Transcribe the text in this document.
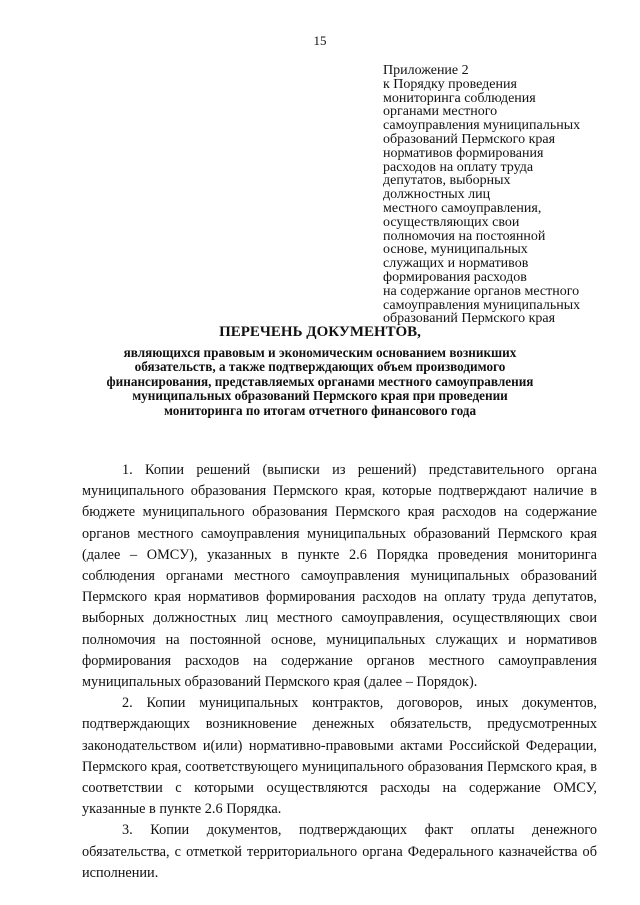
15
Приложение 2
к Порядку проведения
мониторинга соблюдения
органами местного
самоуправления муниципальных
образований Пермского края
нормативов формирования
расходов на оплату труда
депутатов, выборных
должностных лиц
местного самоуправления,
осуществляющих свои
полномочия на постоянной
основе, муниципальных
служащих и нормативов
формирования расходов
на содержание органов местного
самоуправления муниципальных
образований Пермского края
ПЕРЕЧЕНЬ ДОКУМЕНТОВ,
являющихся правовым и экономическим основанием возникших
обязательств, а также подтверждающих объем производимого
финансирования, представляемых органами местного самоуправления
муниципальных образований Пермского края при проведении
мониторинга по итогам отчетного финансового года

1. Копии решений (выписки из решений) представительного органа муниципального образования Пермского края, которые подтверждают наличие в бюджете муниципального образования Пермского края расходов на содержание органов местного самоуправления муниципальных образований Пермского края (далее – ОМСУ), указанных в пункте 2.6 Порядка проведения мониторинга соблюдения органами местного самоуправления муниципальных образований Пермского края нормативов формирования расходов на оплату труда депутатов, выборных должностных лиц местного самоуправления, осуществляющих свои полномочия на постоянной основе, муниципальных служащих и нормативов формирования расходов на содержание органов местного самоуправления муниципальных образований Пермского края (далее – Порядок).

2. Копии муниципальных контрактов, договоров, иных документов, подтверждающих возникновение денежных обязательств, предусмотренных законодательством и(или) нормативно-правовыми актами Российской Федерации, Пермского края, соответствующего муниципального образования Пермского края, в соответствии с которыми осуществляются расходы на содержание ОМСУ, указанные в пункте 2.6 Порядка.

3. Копии документов, подтверждающих факт оплаты денежного обязательства, с отметкой территориального органа Федерального казначейства об исполнении.
